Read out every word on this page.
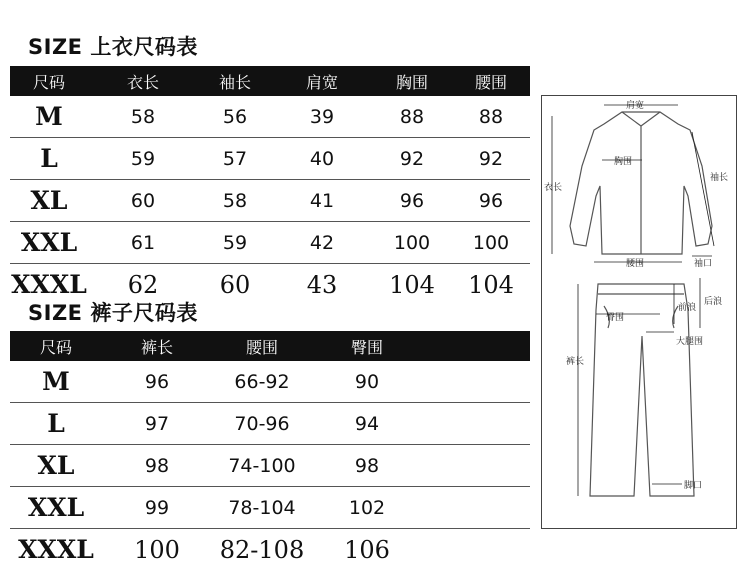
SIZE 上衣尺码表
尺码	衣长	袖长	肩宽	胸围	腰围
M	58	56	39	88	88
L	59	57	40	92	92
XL	60	58	41	96	96
XXL	61	59	42	100	100
XXXL	62	60	43	104	104
SIZE 裤子尺码表
尺码	裤长	腰围	臀围
M	96	66-92	90
L	97	70-96	94
XL	98	74-100	98
XXL	99	78-104	102
XXXL	100	82-108	106
肩宽
胸围
衣长
袖长
腰围	袖口
前浪
后浪
臀围
大腿围
裤长
脚口
